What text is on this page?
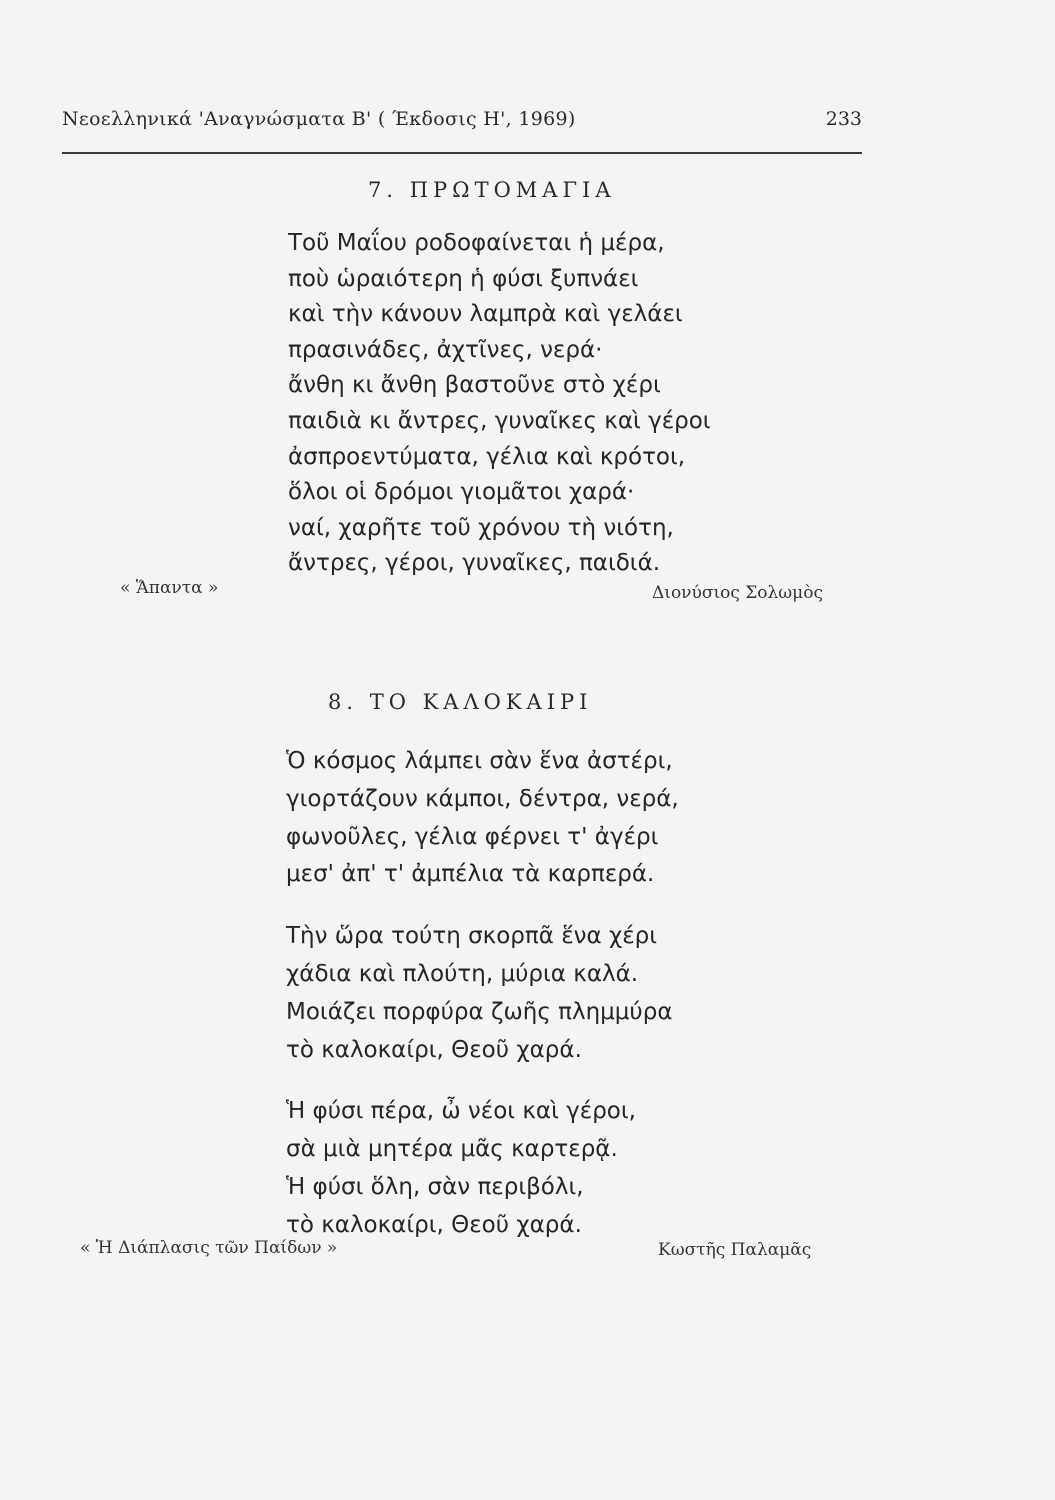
Νεοελληνικά 'Αναγνώσματα Β' ( Έκδοσις Η', 1969)	233
7. ΠΡΩΤΟΜΑΓΙΑ
Τοῦ Μαΐου ροδοφαίνεται ἡ μέρα,
ποὺ ὡραιότερη ἡ φύσι ξυπνάει
καὶ τὴν κάνουν λαμπρὰ καὶ γελάει
πρασινάδες, ἀχτῖνες, νερά·
ἄνθη κι ἄνθη βαστοῦνε στὸ χέρι
παιδιὰ κι ἄντρες, γυναῖκες καὶ γέροι
ἀσπροεντύματα, γέλια καὶ κρότοι,
ὅλοι οἱ δρόμοι γιομᾶτοι χαρά·
ναί, χαρῆτε τοῦ χρόνου τὴ νιότη,
ἄντρες, γέροι, γυναῖκες, παιδιά.
« Ἅπαντα »	Διονύσιος Σολωμὸς
8. ΤΟ ΚΑΛΟΚΑΙΡΙ
Ὁ κόσμος λάμπει σὰν ἕνα ἀστέρι,
γιορτάζουν κάμποι, δέντρα, νερά,
φωνοῦλες, γέλια φέρνει τ' ἀγέρι
μεσ' ἀπ' τ' ἀμπέλια τὰ καρπερά.
Τὴν ὥρα τούτη σκορπᾶ ἕνα χέρι
χάδια καὶ πλούτη, μύρια καλά.
Μοιάζει πορφύρα ζωῆς πλημμύρα
τὸ καλοκαίρι, Θεοῦ χαρά.
Ἡ φύσι πέρα, ὦ νέοι καὶ γέροι,
σὰ μιὰ μητέρα μᾶς καρτερᾷ.
Ἡ φύσι ὅλη, σὰν περιβόλι,
τὸ καλοκαίρι, Θεοῦ χαρά.
« Ἡ Διάπλασις τῶν Παίδων »	Κωστῆς Παλαμᾶς
